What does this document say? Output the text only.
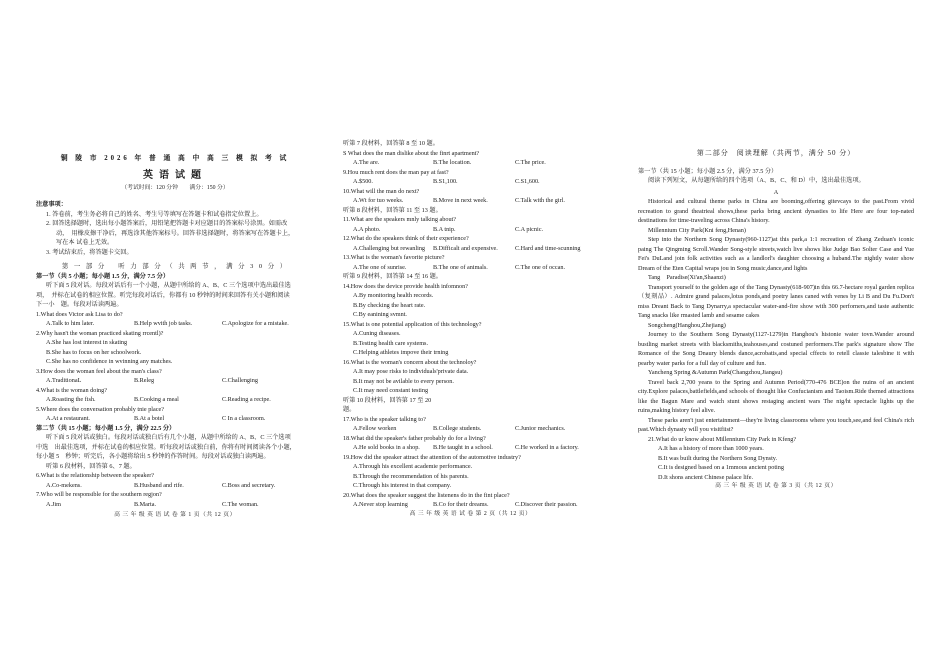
铜 陵 市 2026 年 普 通 高 中 高 三 模 拟 考 试

英语试题

（考试时间：120 分钟　　满分：150 分）

注意事项：

1. 答卷前，考生务必将自己的姓名、考生号等填写在答题卡和试卷指定位置上。

2. 回答选择题时，选出每小题答案后，用铅笔把答题卡对应题目的答案标号涂黑。如需改

动，　用橡皮擦干净后，再选涂其他答案标号。回答非选择题时，将答案写在答题卡上，

写在本 试卷上无效。

3. 考试结束后，将答题卡交回。

第 一 部 分　 听 力 部 分 （ 共 两 节 ， 满 分 3 0 分 ）

第一节（共 5 小题；每小题 1.5 分，满分 7.5 分）

听下面 5 段对话。每段对话后有一个小题，从题中所给的 A、B、C 三个选项中选出最佳选

项，　并标在试卷的相应位置。听完每段对话后，你都有 10 秒钟的时间来回答有关小题和阅读

下一小　题。每段对话读两遍。

1.What does Victor ask Lisa to do?

A.Talk to him later.	B.Help wvith job tasks.	C.Apologize for a mistake.

2.Why hasn't the woman practiced skating rrcentl)?

A.She has lost interest in skating

B.She has to focus on her schoolwork.

C.She has no confidence in wvinning any matches.

3.How does the woman feel about the man's class?

A.TraditionaL	B.Releg	C.Challenging

4.What is the woman doing?

A.Roasting the fish.	B.Cooking a meal	C.Reading a recipe.

5.Where does the conversation probably tnie place?

A.At a restaurant.	B.At a botel	C In a classroom.

第二节（共 15 小题；每小题 1.5 分，满分 22.5 分）

听下面 5 段对话或独白。每段对话或独白后有几个小题，从题中所给的 A、B、C 三个选项

中选　出最佳选项，并标在试卷的相应位置。听每段对话或独白前，你将有时间阅读各个小题，

每小题 5　秒钟；听完后，各小题将给出 5 秒钟的作答时间。每段对话或独白读两遍。

听第 6 段材料，回答第 6、7 题。

6.What is the relationship between the speaker?

A.Co-mekens.	B.Husband and rife.	C.Boss and secretary.

7.Who will be responsible for the southern regjon?

A.Jim	B.Marta.	C.The woman.

高 三 年 级 英 语 试 卷 第 1 页（共 12 页）

听第 7 段材料，回答第 8 至 10 题。

S What does the man dislike about the finrt apartment?

A.The are.	B.The location.	C.The price.

9.Hou much rent does the man pay at fast?

A.$500.	B.S1,100.	C.S1,600.

10.What will the man do next?

A.Wt for tuo weeks.	B.Move in next week.	C.Talk with the girl.

听第 8 段材料，回答第 11 至 13 题。

11.What are the speakers mnly talking about?

A.A photo.	B.A tnip.	C.A picnic.

12.What do the speakers think of their experience?

A.Challenging but rewanling	B.Difficalt and expensive.	C.Hard and time-scunning

13.What is the woman's favorite picture?

A.The one of sunrise.	B.The one of animals.	C.The one of occan.

听第 9 段材料，回答第 14 至 16 题。

14.How does the device provide health infomnon?

A.By monitoring health records.

B.By checking the heart rate.

C.By eanining svmnt.

15.What is one potential application of this technology?

A.Cuning diseases.

B.Testing health care systems.

C.Helping athletes impove their trning

16.What is the woman's concern about the technoloy?

A.It may pose risks to individuals'private data.

B.It may not be avilable to every person.

C.It may need constant testing

听第 10 段材料，回答第 17 至 20

题。

17.Who is the speaker talking to?

A.Fellow worken	B.College students.	C.Junior mechanics.

18.What did the speaker's father probably do for a living?

A.He sold books in a shop.	B.He taught in a school.	C.He worked in a factory.

19.How did the speaker attract the attention of the automotive industry?

A.Through his excellent academie performance.

B.Through the recommendation of his parents.

C.Through his interest in that company.

20.What does the speaker suggest the listenens do in the fint place?

A.Never stop learning	B.Co for their dreams.	C.Discover their passion.

高 三 年 级 英 语 试 卷 第 2 页（共 12 页）

第二部分　阅读理解（共两节，满分 50 分）

第一节（共 15 小题；每小题 2.5 分，满分 37.5 分）

阅读下列短文，从每题所给的四个选项（A、B、C、和 D）中，选出最佳选项。

A

Historical and cultural theme parks in China are booming,offering gitevcays to the past.From vivid recreation to grand theatrieal shows,these parks bring ancient dynasties to life Here are four top-nated destinations for time-traveling across China's history.

Millennium City Park(Kni feng,Henan)

Step into the Northern Song Dynasty(960-1127)at this park,a 1:1 recreation of Zhang Zeduan's iconic paing The Qingming Scroll.Wander Song-style streets,watch live shows like Judge Bao Solter Case and Yue Fei's DuLand join folk activities such as a landlorl's daughter choosing a huband.The nightly water show Dream of the Eten Capital wraps jou in Song music,dance,and lights

Tang　Paradise(Xi'an,Shaanzi)

Transport yourself to the golden age of the Tang Dynasty(618-907)in this 66.7-hectare royal garden replica（复刻品）. Admire grand palaces,lotus ponds,and poetry lanes caned with venes by Li B and Du Fu.Don't miss Dreant Back to Tang Dynarry,a spectacular water-and-fire show with 300 perforners,and taste authentic Tang snacks like rmasted lamb and sesame cakes

Songcheng(Hanghou,Zhejiang)

Journey to the Southern Song Dynasty(1127-1279)in Hanghou's histonie water tovn.Wander around bustling market streets with blacksmiths,teahouses,and costuned performers.The park's signature show The Romance of the Song Dnaury blends dance,acrobatis,and special cffects to retell classie talesbine it with pearby water parks for a full day of culture and fun.

Yancheng Spring &Autumn Park(Changzhou,Jiangsu)

Travel back 2,700 yeans to the Spring and Autumn Period(770-476 BCE)on the nuins of an ancient city.Explore palaces,battlefields,and schools of thought like Confucianism and Taoism.Ride themed attractions like the Bagun Mare and watch stunt shows restaging ancient wars The nig/ht spectacle lights up the ruins,making history feel alive.

These parks aren't just entertainment—they're living classrooms where you touch,see,and feel China's rich past.Which dynasty will you visitfiist?

21.What do ur know about Millennium City Park in Kfeng?

A.It has a history of more than 1000 years.

B.It was built during the Northern Song Dynsty.

C.It is designed based on a 1mmous ancient poting

D.It shons ancient Chinese palace life.

高 三 年 级 英 语 试 卷 第 3 页（共 12 页）
